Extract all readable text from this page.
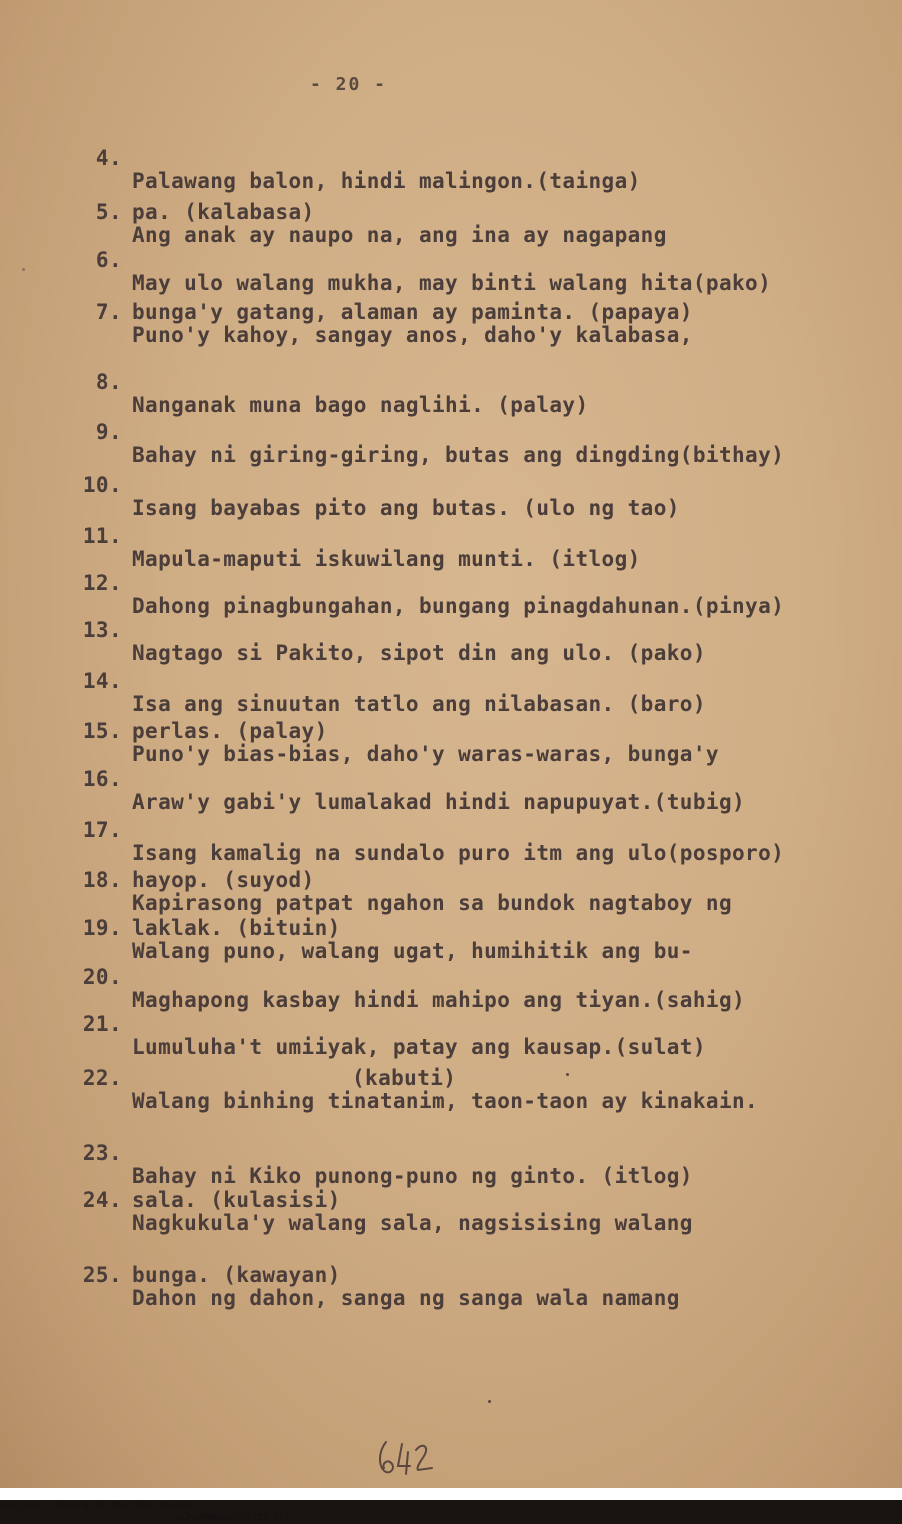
- 20 -

4.

Palawang balon, hindi malingon.(tainga)

5.

Ang anak ay naupo na, ang ina ay nagapang

pa. (kalabasa)

6.

May ulo walang mukha, may binti walang hita(pako)

7.

Puno'y kahoy, sangay anos, daho'y kalabasa,

bunga'y gatang, alaman ay paminta. (papaya)

8.

Nanganak muna bago naglihi. (palay)

9.

Bahay ni giring-giring, butas ang dingding(bithay)

10.

Isang bayabas pito ang butas. (ulo ng tao)

11.

Mapula-maputi iskuwilang munti. (itlog)

12.

Dahong pinagbungahan, bungang pinagdahunan.(pinya)

13.

Nagtago si Pakito, sipot din ang ulo. (pako)

14.

Isa ang sinuutan tatlo ang nilabasan. (baro)

15.

Puno'y bias-bias, daho'y waras-waras, bunga'y

perlas. (palay)

16.

Araw'y gabi'y lumalakad hindi napupuyat.(tubig)

17.

Isang kamalig na sundalo puro itm ang ulo(posporo)

18.

Kapirasong patpat ngahon sa bundok nagtaboy ng

hayop. (suyod)

19.

Walang puno, walang ugat, humihitik ang bu-

laklak. (bituin)

20.

Maghapong kasbay hindi mahipo ang tiyan.(sahig)

21.

Lumuluha't umiiyak, patay ang kausap.(sulat)

22.

Walang binhing tinatanim, taon-taon ay kinakain.

(kabuti)

23.

Bahay ni Kiko punong-puno ng ginto. (itlog)

24.

Nagkukula'y walang sala, nagsisising walang

sala. (kulasisi)

25.

Dahon ng dahon, sanga ng sanga wala namang

bunga. (kawayan)

National Library of the Philippines

NLP00MNHDNAB28222.tif
